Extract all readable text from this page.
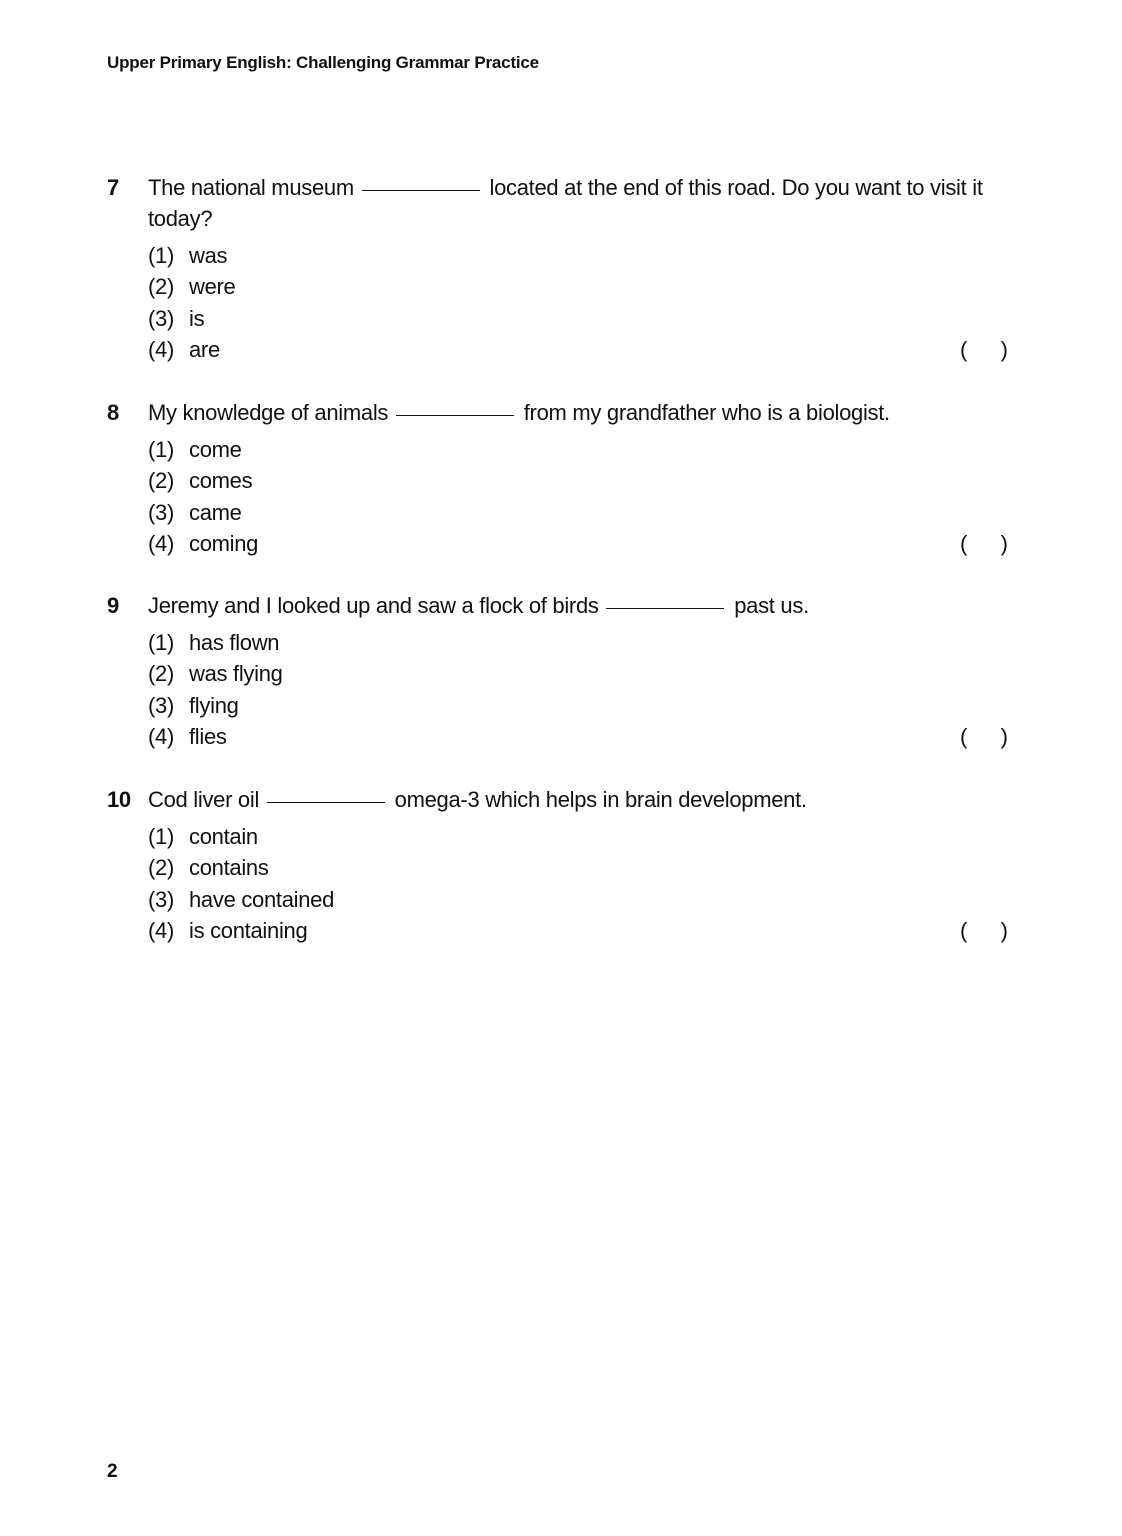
Upper Primary English: Challenging Grammar Practice
7 The national museum	located at the end of this road. Do you want to visit it today?
(1) was
(2) were
(3) is
(4) are	( )
8 My knowledge of animals	from my grandfather who is a biologist.
(1) come
(2) comes
(3) came
(4) coming	( )
9 Jeremy and I looked up and saw a flock of birds	past us.
(1) has flown
(2) was flying
(3) flying
(4) flies	( )
10 Cod liver oil	omega-3 which helps in brain development.
(1) contain
(2) contains
(3) have contained
(4) is containing	( )
2
